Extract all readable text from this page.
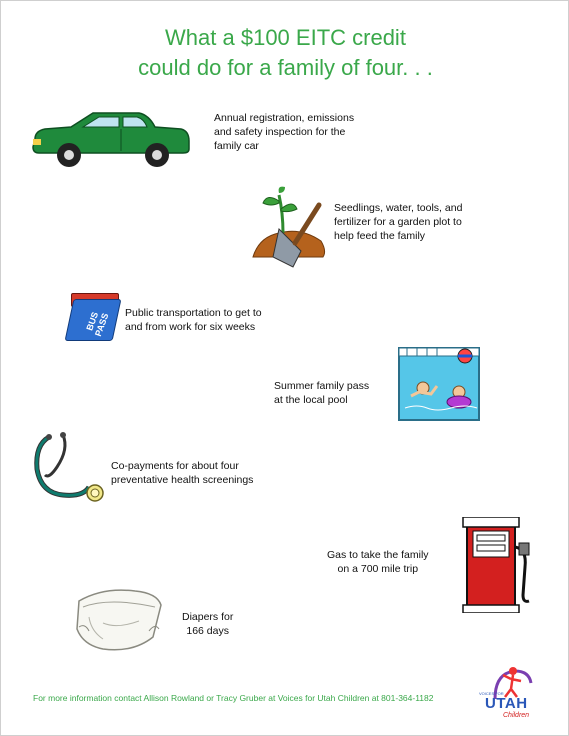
What a $100 EITC credit
could do for a family of four. . .
Annual registration, emissions
and safety inspection for the
family car
Seedlings, water, tools, and
fertilizer for a garden plot to
help feed the family
BUS PASS	Public transportation to get to
and from work for six weeks
Summer family pass
at the local pool
Co-payments for about four
preventative health screenings
Gas to take the family
on a 700 mile trip
Diapers for
166 days
For more information contact Allison Rowland or Tracy Gruber at Voices for Utah Children at 801-364-1182	VOICES FOR
UTAH
Children
